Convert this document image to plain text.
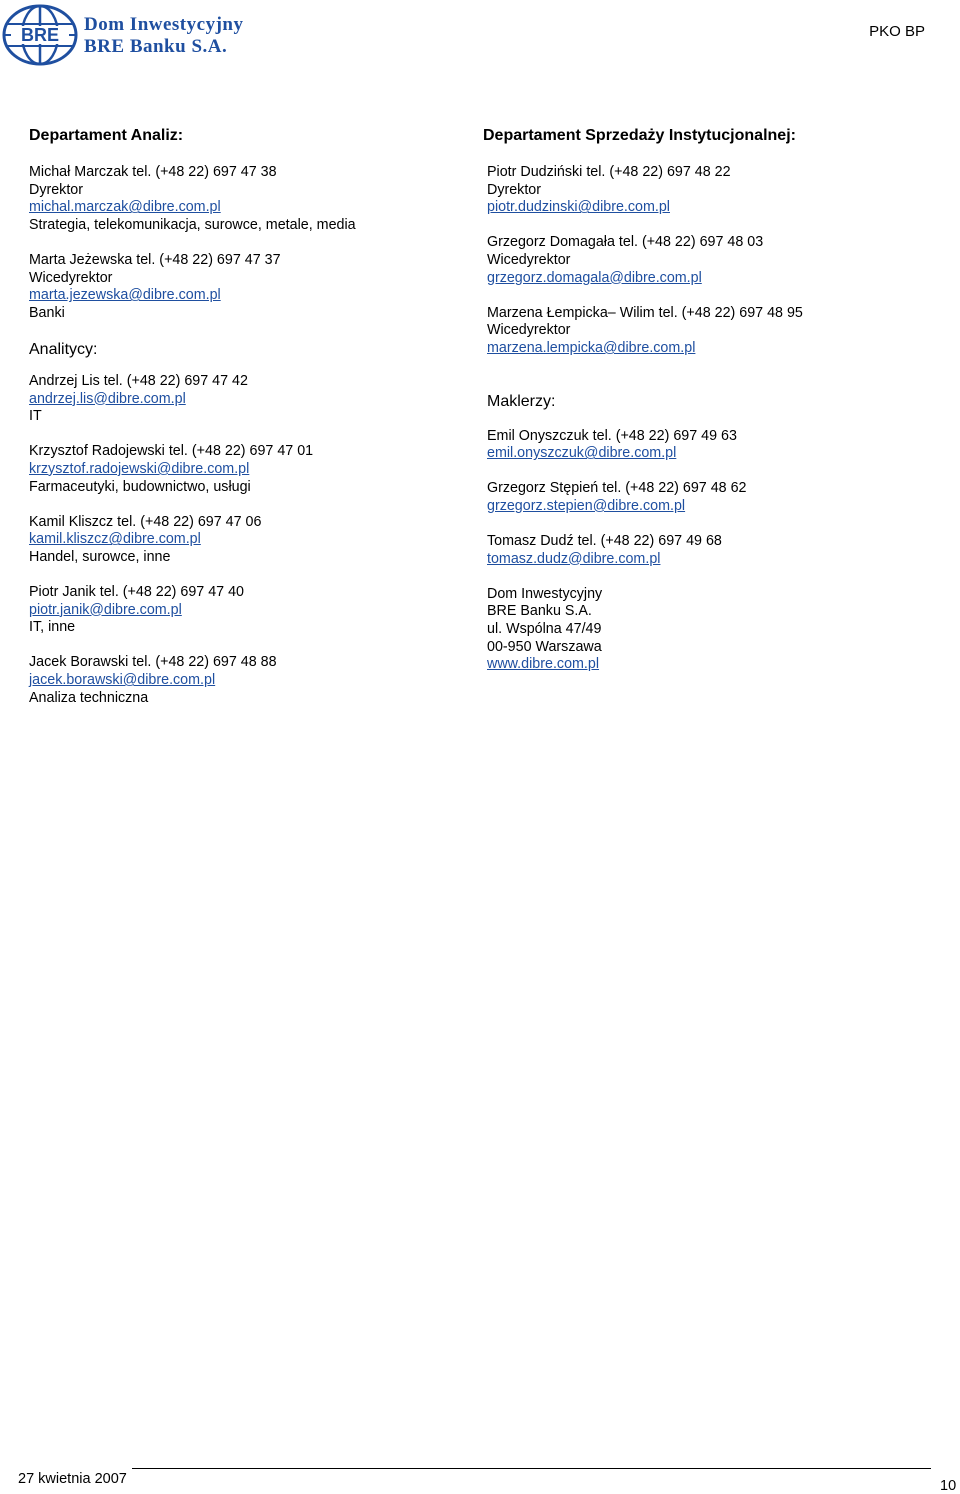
BRE Dom Inwestycyjny
BRE Banku S.A.
PKO BP
Departament Analiz:
Michał Marczak tel. (+48 22) 697 47 38
Dyrektor
michal.marczak@dibre.com.pl
Strategia, telekomunikacja, surowce, metale, media
Marta Jeżewska tel. (+48 22) 697 47 37
Wicedyrektor
marta.jezewska@dibre.com.pl
Banki
Analitycy:
Andrzej Lis tel. (+48 22) 697 47 42
andrzej.lis@dibre.com.pl
IT
Krzysztof Radojewski tel. (+48 22) 697 47 01
krzysztof.radojewski@dibre.com.pl
Farmaceutyki, budownictwo, usługi
Kamil Kliszcz tel. (+48 22) 697 47 06
kamil.kliszcz@dibre.com.pl
Handel, surowce, inne
Piotr Janik tel. (+48 22) 697 47 40
piotr.janik@dibre.com.pl
IT, inne
Jacek Borawski tel. (+48 22) 697 48 88
jacek.borawski@dibre.com.pl
Analiza techniczna
Departament Sprzedaży Instytucjonalnej:
Piotr Dudziński tel. (+48 22) 697 48 22
Dyrektor
piotr.dudzinski@dibre.com.pl
Grzegorz Domagała tel. (+48 22) 697 48 03
Wicedyrektor
grzegorz.domagala@dibre.com.pl
Marzena Łempicka– Wilim tel. (+48 22) 697 48 95
Wicedyrektor
marzena.lempicka@dibre.com.pl
Maklerzy:
Emil Onyszczuk tel. (+48 22) 697 49 63
emil.onyszczuk@dibre.com.pl
Grzegorz Stępień tel. (+48 22) 697 48 62
grzegorz.stepien@dibre.com.pl
Tomasz Dudź tel. (+48 22) 697 49 68
tomasz.dudz@dibre.com.pl
Dom Inwestycyjny
BRE Banku S.A.
ul. Wspólna 47/49
00-950 Warszawa
www.dibre.com.pl
27 kwietnia 2007	10
